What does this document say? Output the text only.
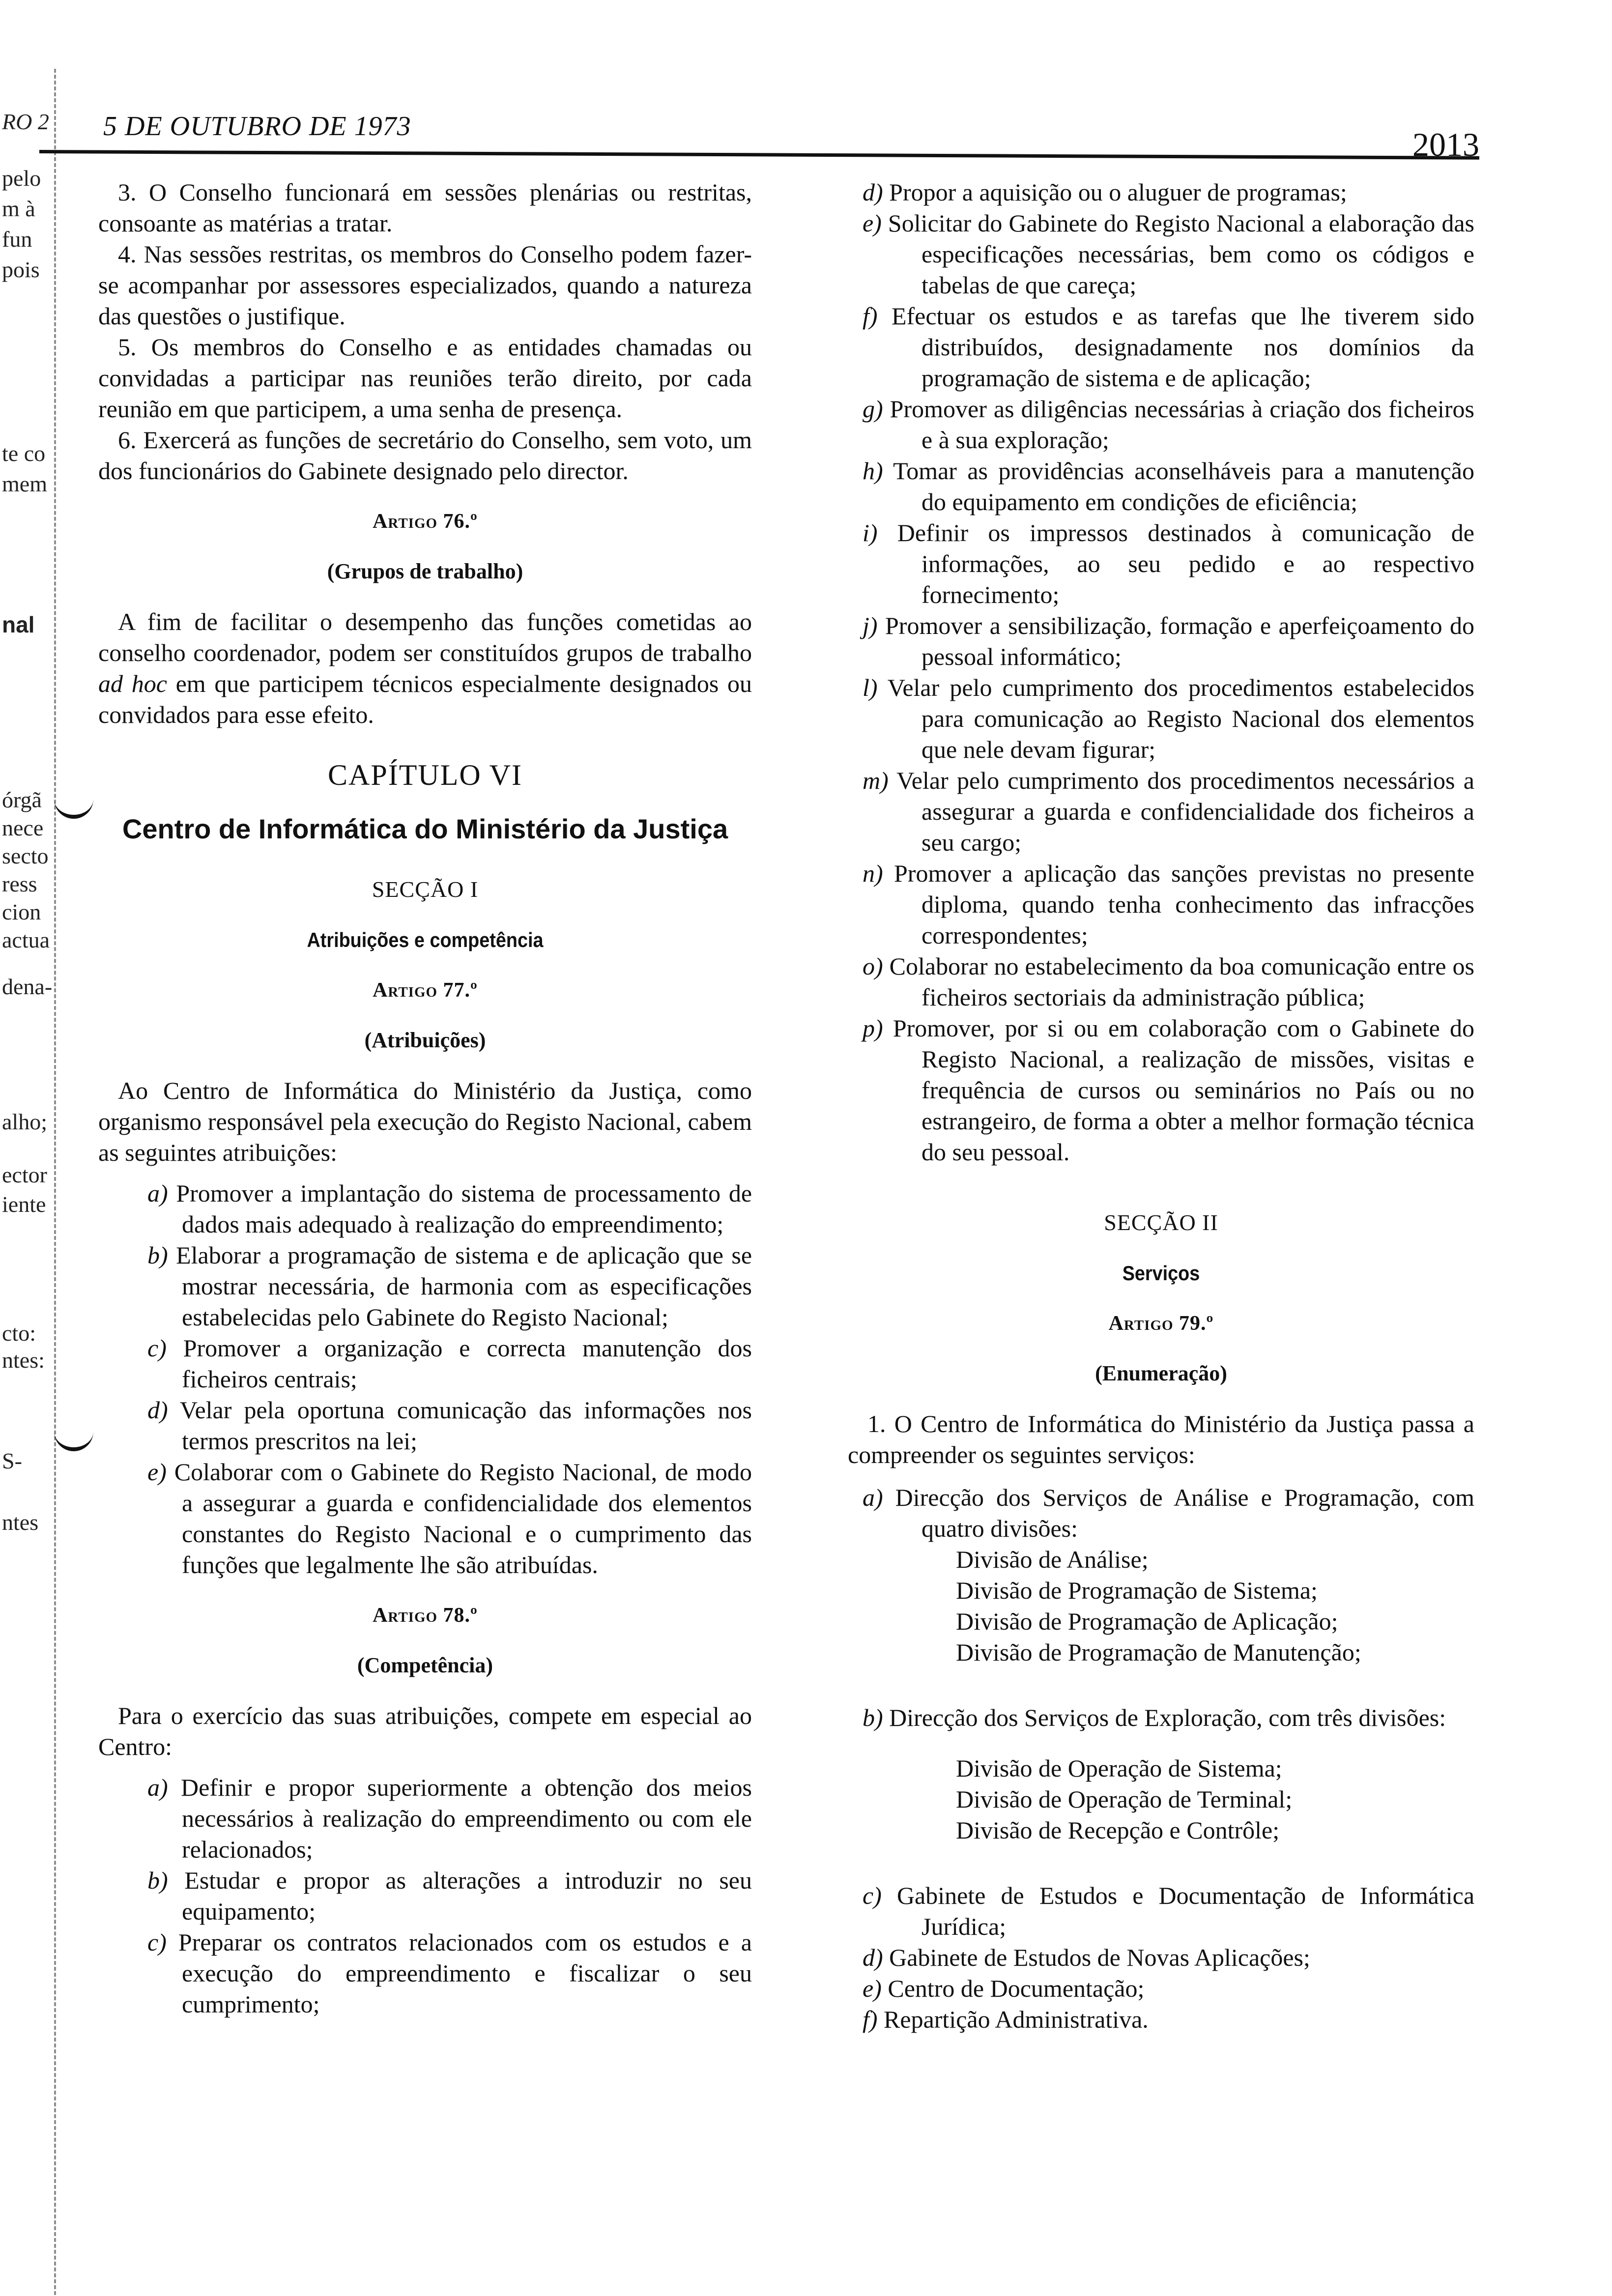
RO 2
pelo
m à
fun
pois
te co
mem
nal
órgã
nece
secto
ress
cion
actua
dena-
alho;
ector
iente
cto:
ntes:
S-
ntes
5 DE OUTUBRO DE 1973	2013

3. O Conselho funcionará em sessões plenárias ou restritas, consoante as matérias a tratar.

4. Nas sessões restritas, os membros do Conselho podem fazer-se acompanhar por assessores especializados, quando a natureza das questões o justifique.

5. Os membros do Conselho e as entidades chamadas ou convidadas a participar nas reuniões terão direito, por cada reunião em que participem, a uma senha de presença.

6. Exercerá as funções de secretário do Conselho, sem voto, um dos funcionários do Gabinete designado pelo director.

Artigo 76.º

(Grupos de trabalho)

A fim de facilitar o desempenho das funções cometidas ao conselho coordenador, podem ser constituídos grupos de trabalho ad hoc em que participem técnicos especialmente designados ou convidados para esse efeito.

CAPÍTULO VI

Centro de Informática do Ministério da Justiça

SECÇÃO I

Atribuições e competência

Artigo 77.º

(Atribuições)

Ao Centro de Informática do Ministério da Justiça, como organismo responsável pela execução do Registo Nacional, cabem as seguintes atribuições:

a) Promover a implantação do sistema de processamento de dados mais adequado à realização do empreendimento;

b) Elaborar a programação de sistema e de aplicação que se mostrar necessária, de harmonia com as especificações estabelecidas pelo Gabinete do Registo Nacional;

c) Promover a organização e correcta manutenção dos ficheiros centrais;

d) Velar pela oportuna comunicação das informações nos termos prescritos na lei;

e) Colaborar com o Gabinete do Registo Nacional, de modo a assegurar a guarda e confidencialidade dos elementos constantes do Registo Nacional e o cumprimento das funções que legalmente lhe são atribuídas.

Artigo 78.º

(Competência)

Para o exercício das suas atribuições, compete em especial ao Centro:

a) Definir e propor superiormente a obtenção dos meios necessários à realização do empreendimento ou com ele relacionados;

b) Estudar e propor as alterações a introduzir no seu equipamento;

c) Preparar os contratos relacionados com os estudos e a execução do empreendimento e fiscalizar o seu cumprimento;

d) Propor a aquisição ou o aluguer de programas;

e) Solicitar do Gabinete do Registo Nacional a elaboração das especificações necessárias, bem como os códigos e tabelas de que careça;

f) Efectuar os estudos e as tarefas que lhe tiverem sido distribuídos, designadamente nos domínios da programação de sistema e de aplicação;

g) Promover as diligências necessárias à criação dos ficheiros e à sua exploração;

h) Tomar as providências aconselháveis para a manutenção do equipamento em condições de eficiência;

i) Definir os impressos destinados à comunicação de informações, ao seu pedido e ao respectivo fornecimento;

j) Promover a sensibilização, formação e aperfeiçoamento do pessoal informático;

l) Velar pelo cumprimento dos procedimentos estabelecidos para comunicação ao Registo Nacional dos elementos que nele devam figurar;

m) Velar pelo cumprimento dos procedimentos necessários a assegurar a guarda e confidencialidade dos ficheiros a seu cargo;

n) Promover a aplicação das sanções previstas no presente diploma, quando tenha conhecimento das infracções correspondentes;

o) Colaborar no estabelecimento da boa comunicação entre os ficheiros sectoriais da administração pública;

p) Promover, por si ou em colaboração com o Gabinete do Registo Nacional, a realização de missões, visitas e frequência de cursos ou seminários no País ou no estrangeiro, de forma a obter a melhor formação técnica do seu pessoal.

SECÇÃO II

Serviços

Artigo 79.º

(Enumeração)

1. O Centro de Informática do Ministério da Justiça passa a compreender os seguintes serviços:

a) Direcção dos Serviços de Análise e Programação, com quatro divisões:

Divisão de Análise;

Divisão de Programação de Sistema;

Divisão de Programação de Aplicação;

Divisão de Programação de Manutenção;

b) Direcção dos Serviços de Exploração, com três divisões:

Divisão de Operação de Sistema;

Divisão de Operação de Terminal;

Divisão de Recepção e Contrôle;

c) Gabinete de Estudos e Documentação de Informática Jurídica;

d) Gabinete de Estudos de Novas Aplicações;

e) Centro de Documentação;

f) Repartição Administrativa.
